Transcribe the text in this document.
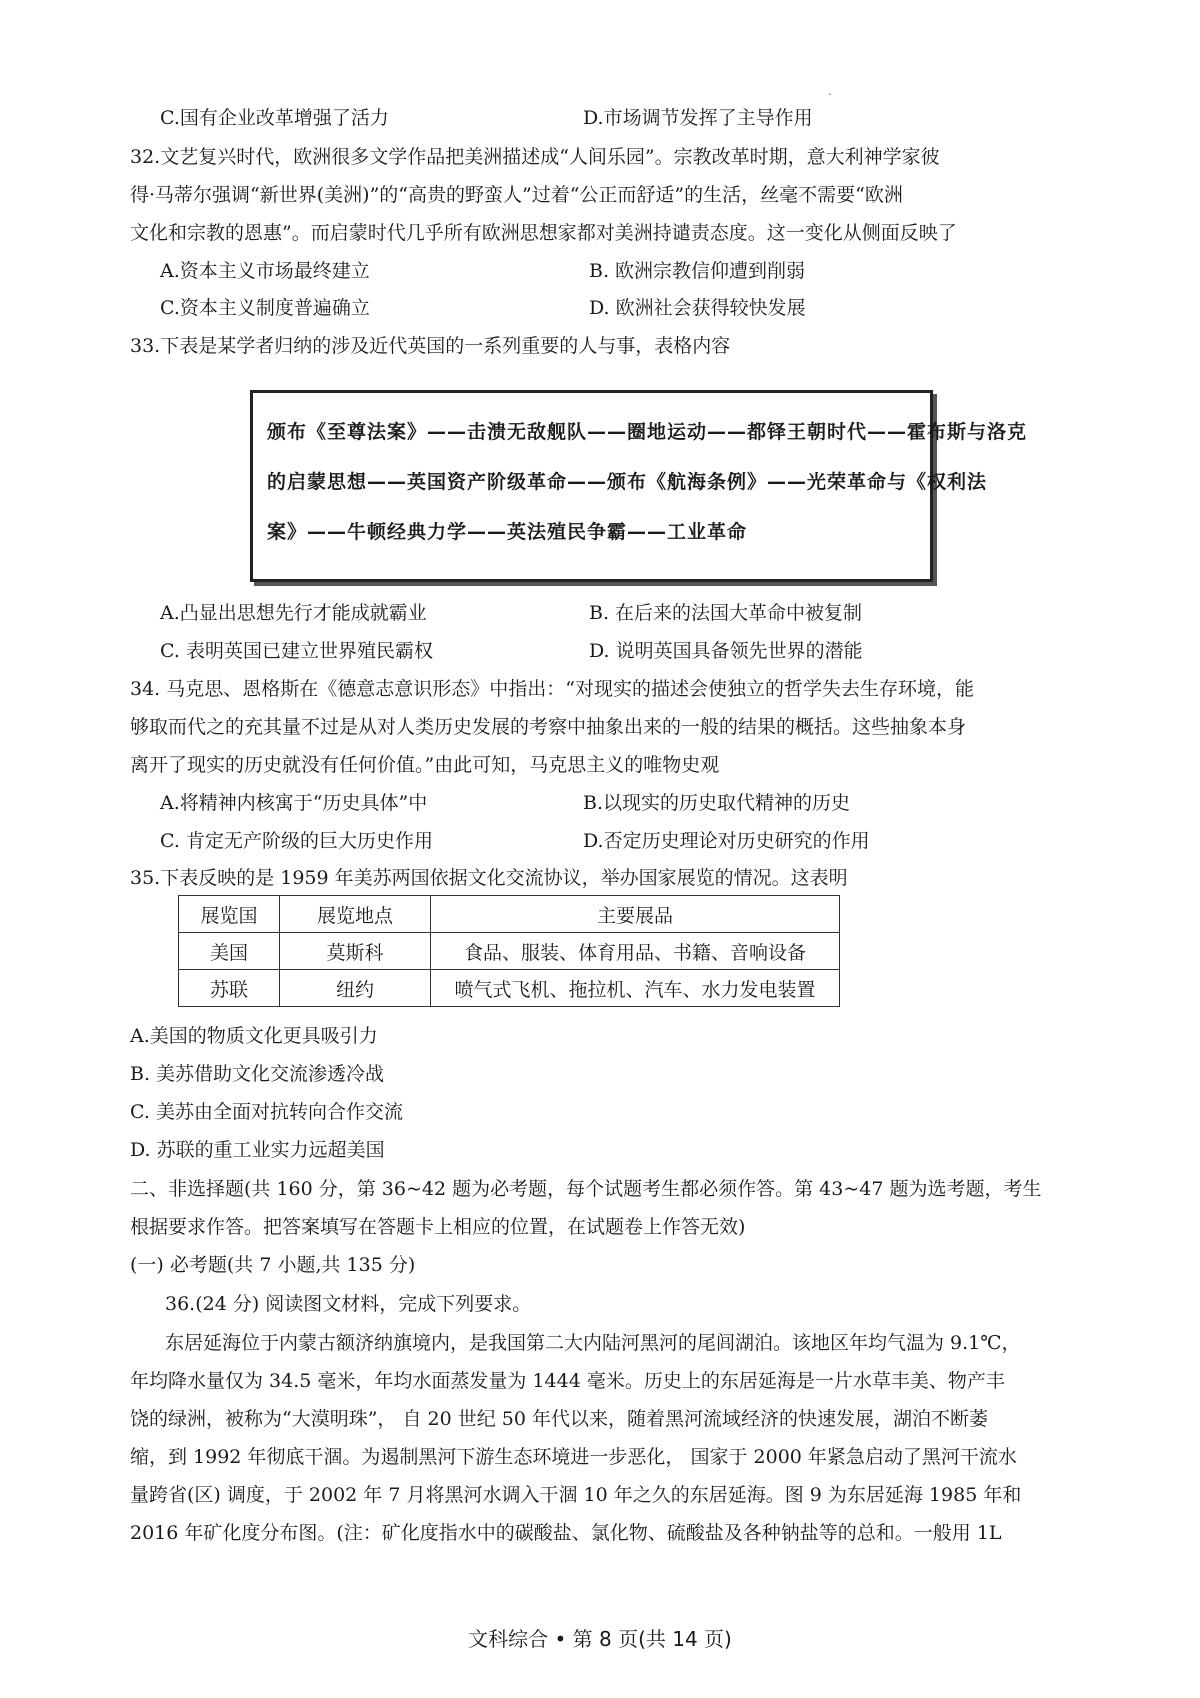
.
C.国有企业改革增强了活力	D.市场调节发挥了主导作用
32.文艺复兴时代，欧洲很多文学作品把美洲描述成“人间乐园”。宗教改革时期，意大利神学家彼
得·马蒂尔强调“新世界(美洲)”的“高贵的野蛮人”过着“公正而舒适”的生活，丝毫不需要“欧洲
文化和宗教的恩惠”。而启蒙时代几乎所有欧洲思想家都对美洲持谴责态度。这一变化从侧面反映了
A.资本主义市场最终建立	B. 欧洲宗教信仰遭到削弱
C.资本主义制度普遍确立	D. 欧洲社会获得较快发展
33.下表是某学者归纳的涉及近代英国的一系列重要的人与事，表格内容
颁布《至尊法案》——击溃无敌舰队——圈地运动——都铎王朝时代——霍布斯与洛克
的启蒙思想——英国资产阶级革命——颁布《航海条例》——光荣革命与《权利法
案》——牛顿经典力学——英法殖民争霸——工业革命
A.凸显出思想先行才能成就霸业	B. 在后来的法国大革命中被复制
C. 表明英国已建立世界殖民霸权	D. 说明英国具备领先世界的潜能
34. 马克思、恩格斯在《德意志意识形态》中指出：“对现实的描述会使独立的哲学失去生存环境，能
够取而代之的充其量不过是从对人类历史发展的考察中抽象出来的一般的结果的概括。这些抽象本身
离开了现实的历史就没有任何价值。”由此可知，马克思主义的唯物史观
A.将精神内核寓于“历史具体”中	B.以现实的历史取代精神的历史
C. 肯定无产阶级的巨大历史作用	D.否定历史理论对历史研究的作用
35.下表反映的是 1959 年美苏两国依据文化交流协议，举办国家展览的情况。这表明
展览国	展览地点	主要展品
美国	莫斯科	食品、服装、体育用品、书籍、音响设备
苏联	纽约	喷气式飞机、拖拉机、汽车、水力发电装置
A.美国的物质文化更具吸引力
B. 美苏借助文化交流渗透冷战
C. 美苏由全面对抗转向合作交流
D. 苏联的重工业实力远超美国
二、非选择题(共 160 分，第 36~42 题为必考题，每个试题考生都必须作答。第 43~47 题为选考题，考生
根据要求作答。把答案填写在答题卡上相应的位置，在试题卷上作答无效)
(一) 必考题(共 7 小题,共 135 分)
36.(24 分) 阅读图文材料，完成下列要求。
东居延海位于内蒙古额济纳旗境内，是我国第二大内陆河黑河的尾闾湖泊。该地区年均气温为 9.1℃，
年均降水量仅为 34.5 毫米，年均水面蒸发量为 1444 毫米。历史上的东居延海是一片水草丰美、物产丰
饶的绿洲，被称为“大漠明珠”， 自 20 世纪 50 年代以来，随着黑河流域经济的快速发展，湖泊不断萎
缩，到 1992 年彻底干涸。为遏制黑河下游生态环境进一步恶化， 国家于 2000 年紧急启动了黑河干流水
量跨省(区) 调度，于 2002 年 7 月将黑河水调入干涸 10 年之久的东居延海。图 9 为东居延海 1985 年和
2016 年矿化度分布图。(注：矿化度指水中的碳酸盐、氯化物、硫酸盐及各种钠盐等的总和。一般用 1L
文科综合 • 第 8 页(共 14 页)
